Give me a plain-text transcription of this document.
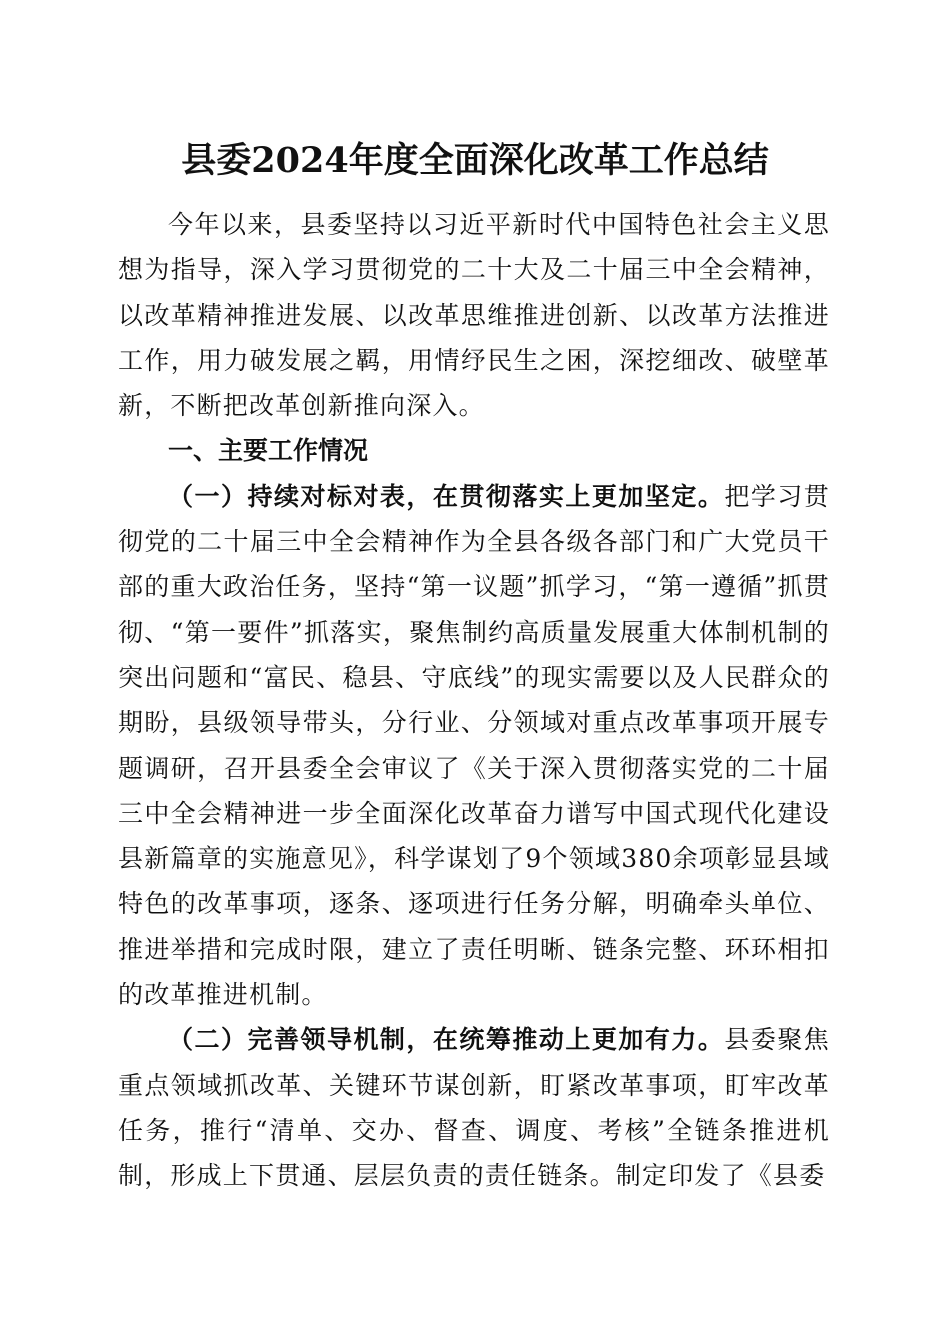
县委2024年度全面深化改革工作总结

今年以来，县委坚持以习近平新时代中国特色社会主义思想为指导，深入学习贯彻党的二十大及二十届三中全会精神，以改革精神推进发展、以改革思维推进创新、以改革方法推进工作，用力破发展之羁，用情纾民生之困，深挖细改、破壁革新，不断把改革创新推向深入。

一、主要工作情况

（一）持续对标对表，在贯彻落实上更加坚定。把学习贯彻党的二十届三中全会精神作为全县各级各部门和广大党员干部的重大政治任务，坚持“第一议题”抓学习，“第一遵循”抓贯彻、“第一要件”抓落实，聚焦制约高质量发展重大体制机制的突出问题和“富民、稳县、守底线”的现实需要以及人民群众的期盼，县级领导带头，分行业、分领域对重点改革事项开展专题调研，召开县委全会审议了《关于深入贯彻落实党的二十届三中全会精神进一步全面深化改革奋力谱写中国式现代化建设县新篇章的实施意见》，科学谋划了9个领域380余项彰显县域特色的改革事项，逐条、逐项进行任务分解，明确牵头单位、推进举措和完成时限，建立了责任明晰、链条完整、环环相扣的改革推进机制。

（二）完善领导机制，在统筹推动上更加有力。县委聚焦重点领域抓改革、关键环节谋创新，盯紧改革事项，盯牢改革任务，推行“清单、交办、督查、调度、考核”全链条推进机制，形成上下贯通、层层负责的责任链条。制定印发了《县委
